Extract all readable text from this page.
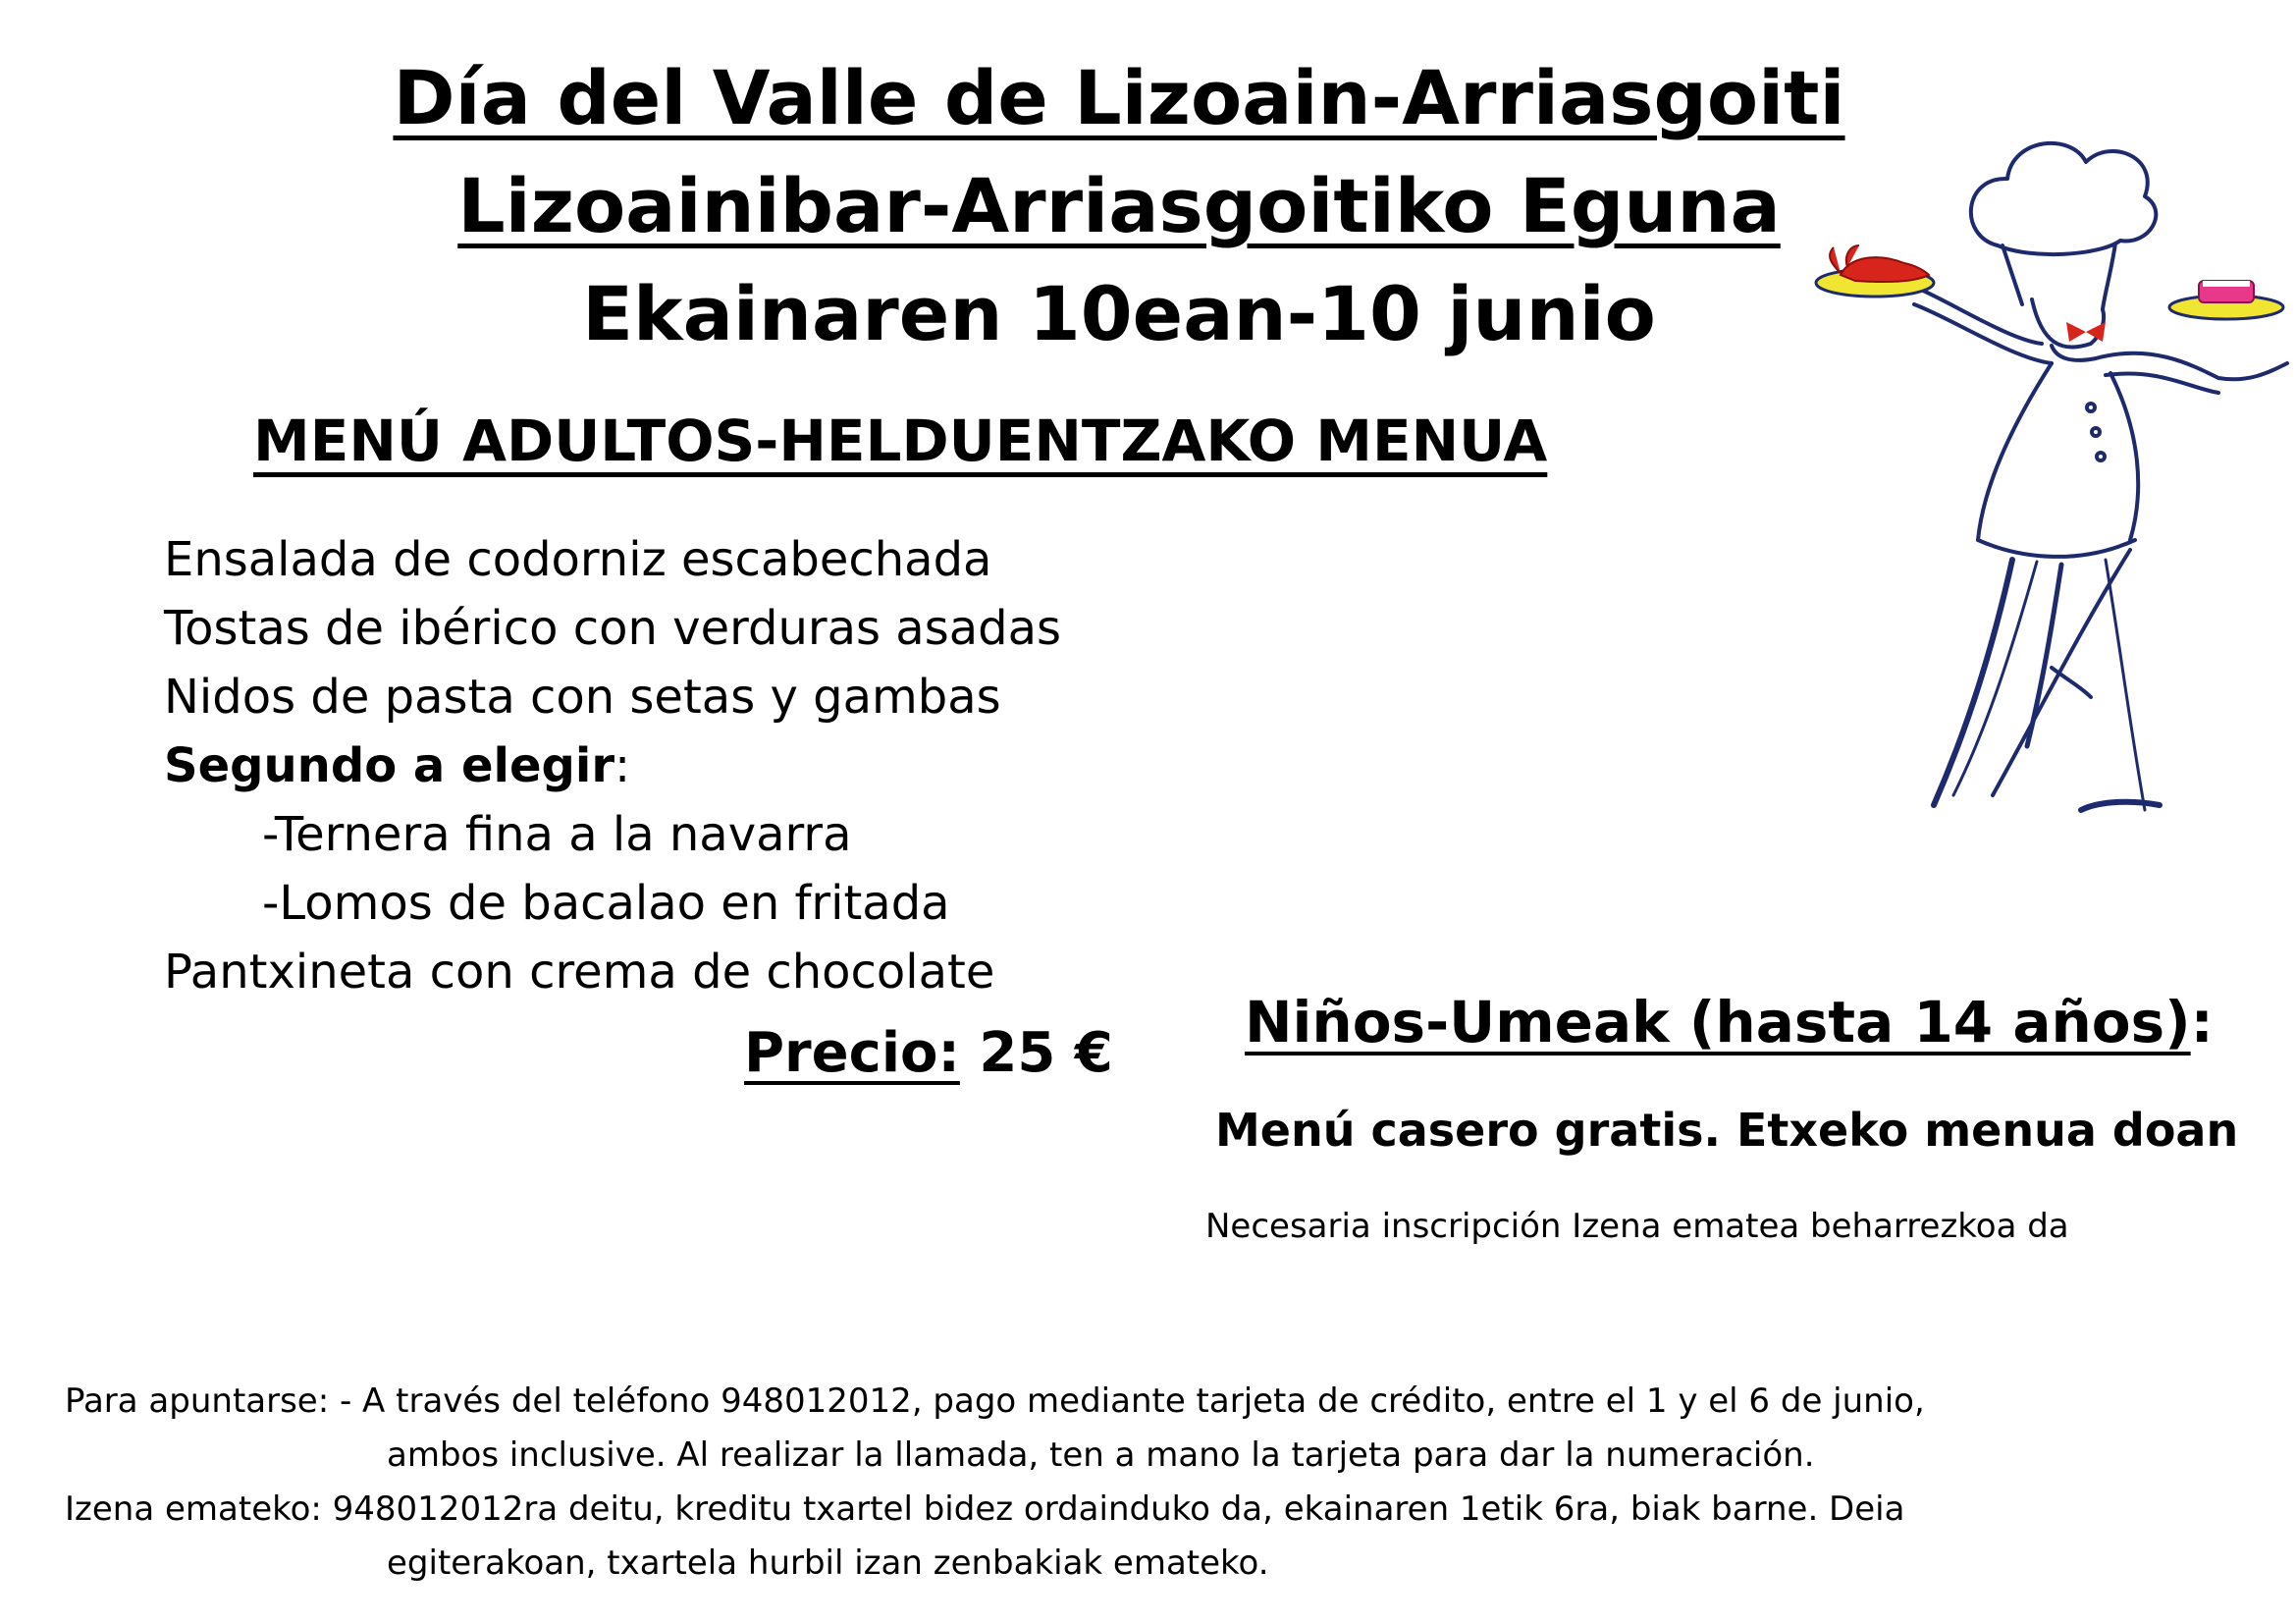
Día del Valle de Lizoain-Arriasgoiti
Lizoainibar-Arriasgoitiko Eguna
Ekainaren 10ean-10 junio
MENÚ ADULTOS-HELDUENTZAKO MENUA
Ensalada de codorniz escabechada
Tostas de ibérico con verduras asadas
Nidos de pasta con setas y gambas
Segundo a elegir:
-Ternera fina a la navarra
-Lomos de bacalao en fritada
Pantxineta con crema de chocolate
Precio: 25 € Niños-Umeak (hasta 14 años):
Menú casero gratis. Etxeko menua doan
Necesaria inscripción Izena ematea beharrezkoa da
Para apuntarse: - A través del teléfono 948012012, pago mediante tarjeta de crédito, entre el 1 y el 6 de junio,
ambos inclusive. Al realizar la llamada, ten a mano la tarjeta para dar la numeración.
Izena emateko: 948012012ra deitu, kreditu txartel bidez ordainduko da, ekainaren 1etik 6ra, biak barne. Deia
egiterakoan, txartela hurbil izan zenbakiak emateko.
